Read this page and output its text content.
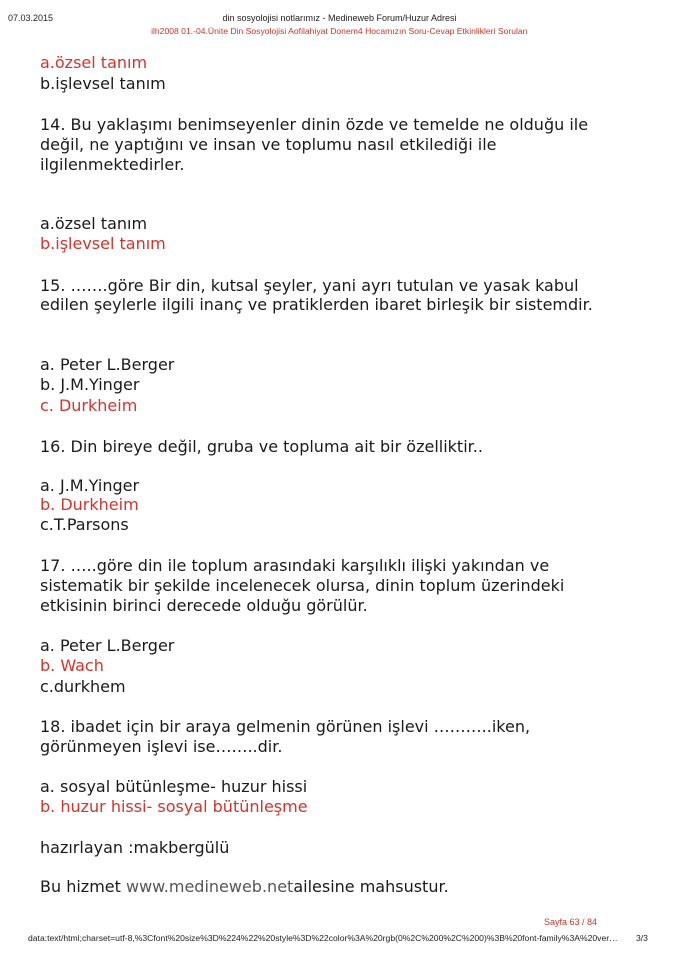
07.03.2015	din sosyolojisi notlarımız - Medineweb Forum/Huzur Adresi
ilh2008 01.-04.Ünite Din Sosyolojisi Aofilahiyat Donem4 Hocamızın Soru-Cevap Etkinlikleri Soruları
a.özsel tanım
b.işlevsel tanım
14. Bu yaklaşımı benimseyenler dinin özde ve temelde ne olduğu ile
değil, ne yaptığını ve insan ve toplumu nasıl etkilediği ile
ilgilenmektedirler.
a.özsel tanım
b.işlevsel tanım
15. …….göre Bir din, kutsal şeyler, yani ayrı tutulan ve yasak kabul
edilen şeylerle ilgili inanç ve pratiklerden ibaret birleşik bir sistemdir.
a. Peter L.Berger
b. J.M.Yinger
c. Durkheim
16. Din bireye değil, gruba ve topluma ait bir özelliktir..
a. J.M.Yinger
b. Durkheim
c.T.Parsons
17. …..göre din ile toplum arasındaki karşılıklı ilişki yakından ve
sistematik bir şekilde incelenecek olursa, dinin toplum üzerindeki
etkisinin birinci derecede olduğu görülür.
a. Peter L.Berger
b. Wach
c.durkhem
18. ibadet için bir araya gelmenin görünen işlevi ………..iken,
görünmeyen işlevi ise……..dir.
a. sosyal bütünleşme- huzur hissi
b. huzur hissi- sosyal bütünleşme
hazırlayan :makbergülü
Bu hizmet www.medineweb.netailesine mahsustur.
Sayfa 63 / 84
data:text/html;charset=utf-8,%3Cfont%20size%3D%224%22%20style%3D%22color%3A%20rgb(0%2C%200%2C%200)%3B%20font-family%3A%20ver…	3/3
